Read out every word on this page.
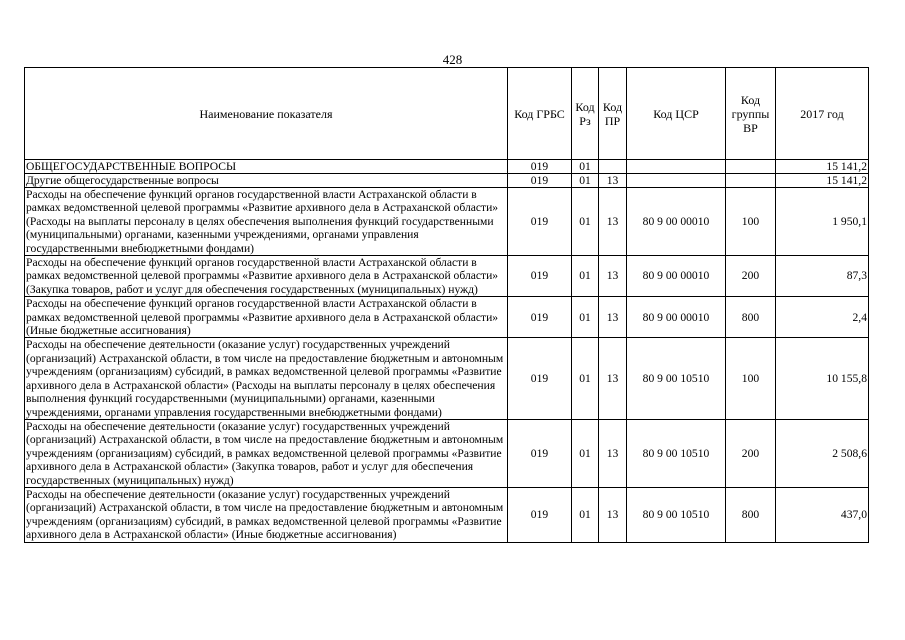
428
Наименование показателя	Код ГРБС	Код Рз	Код ПР	Код ЦСР	Код группы ВР	2017 год
ОБЩЕГОСУДАРСТВЕННЫЕ ВОПРОСЫ	019	01				15 141,2
Другие общегосударственные вопросы	019	01	13			15 141,2
Расходы на обеспечение функций органов государственной власти Астраханской области в рамках ведомственной целевой программы «Развитие архивного дела в Астраханской области» (Расходы на выплаты персоналу в целях обеспечения выполнения функций государственными (муниципальными) органами, казенными учреждениями, органами управления государственными внебюджетными фондами)	019	01	13	80 9 00 00010	100	1 950,1
Расходы на обеспечение функций органов государственной власти Астраханской области в рамках ведомственной целевой программы «Развитие архивного дела в Астраханской области» (Закупка товаров, работ и услуг для обеспечения государственных (муниципальных) нужд)	019	01	13	80 9 00 00010	200	87,3
Расходы на обеспечение функций органов государственной власти Астраханской области в рамках ведомственной целевой программы «Развитие архивного дела в Астраханской области» (Иные бюджетные ассигнования)	019	01	13	80 9 00 00010	800	2,4
Расходы на обеспечение деятельности (оказание услуг) государственных учреждений (организаций) Астраханской области, в том числе на предоставление бюджетным и автономным учреждениям (организациям) субсидий, в рамках ведомственной целевой программы «Развитие архивного дела в Астраханской области» (Расходы на выплаты персоналу в целях обеспечения выполнения функций государственными (муниципальными) органами, казенными учреждениями, органами управления государственными внебюджетными фондами)	019	01	13	80 9 00 10510	100	10 155,8
Расходы на обеспечение деятельности (оказание услуг) государственных учреждений (организаций) Астраханской области, в том числе на предоставление бюджетным и автономным учреждениям (организациям) субсидий, в рамках ведомственной целевой программы «Развитие архивного дела в Астраханской области» (Закупка товаров, работ и услуг для обеспечения государственных (муниципальных) нужд)	019	01	13	80 9 00 10510	200	2 508,6
Расходы на обеспечение деятельности (оказание услуг) государственных учреждений (организаций) Астраханской области, в том числе на предоставление бюджетным и автономным учреждениям (организациям) субсидий, в рамках ведомственной целевой программы «Развитие архивного дела в Астраханской области» (Иные бюджетные ассигнования)	019	01	13	80 9 00 10510	800	437,0
